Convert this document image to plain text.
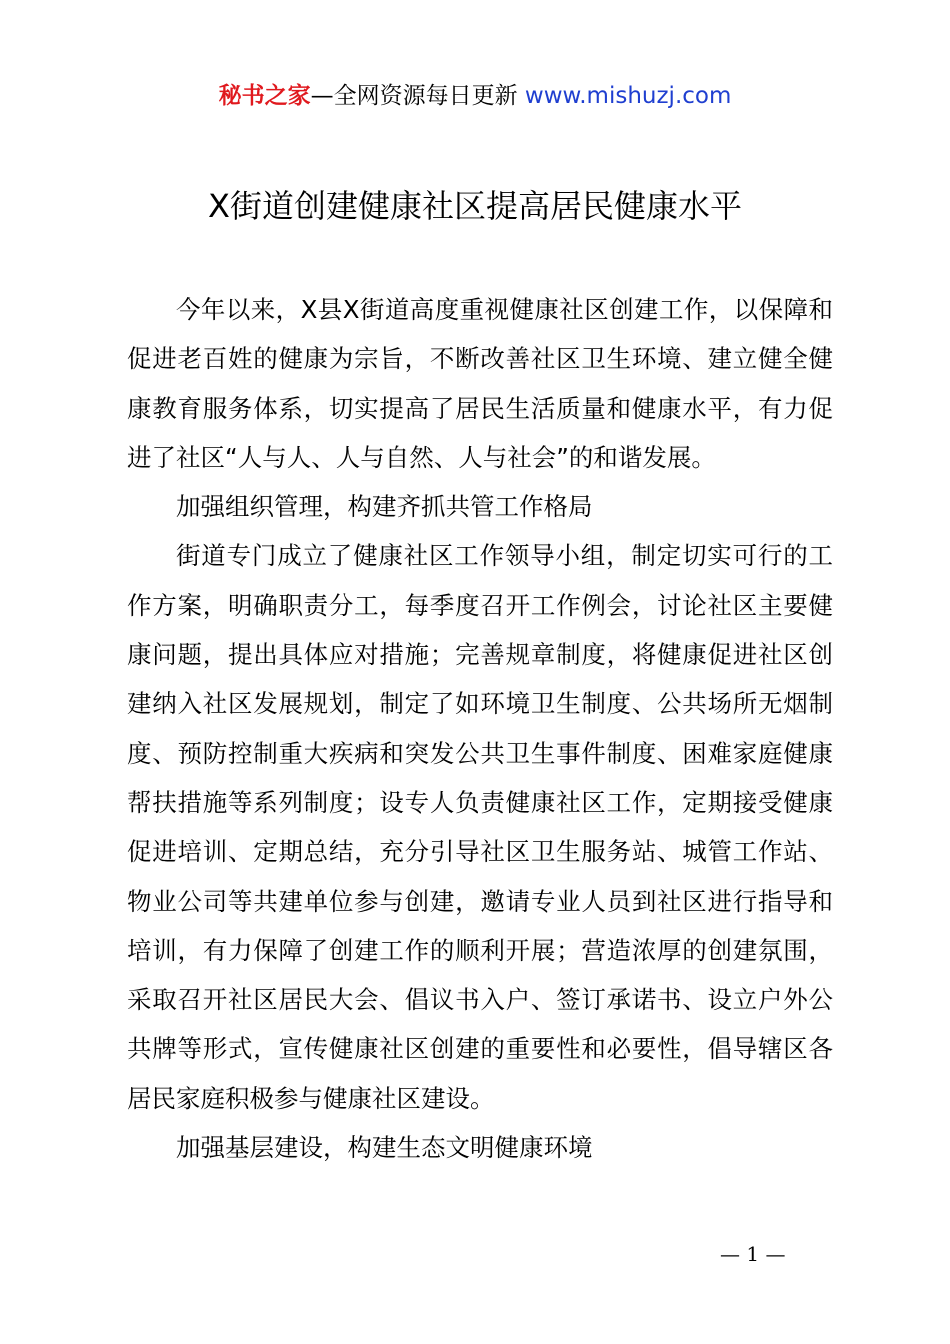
秘书之家—全网资源每日更新 www.mishuzj.com
X街道创建健康社区提高居民健康水平

今年以来，X县X街道高度重视健康社区创建工作，以保障和促进老百姓的健康为宗旨，不断改善社区卫生环境、建立健全健康教育服务体系，切实提高了居民生活质量和健康水平，有力促进了社区“人与人、人与自然、人与社会”的和谐发展。

加强组织管理，构建齐抓共管工作格局

街道专门成立了健康社区工作领导小组，制定切实可行的工作方案，明确职责分工，每季度召开工作例会，讨论社区主要健康问题，提出具体应对措施；完善规章制度，将健康促进社区创建纳入社区发展规划，制定了如环境卫生制度、公共场所无烟制度、预防控制重大疾病和突发公共卫生事件制度、困难家庭健康帮扶措施等系列制度；设专人负责健康社区工作，定期接受健康促进培训、定期总结，充分引导社区卫生服务站、城管工作站、物业公司等共建单位参与创建，邀请专业人员到社区进行指导和培训，有力保障了创建工作的顺利开展；营造浓厚的创建氛围，采取召开社区居民大会、倡议书入户、签订承诺书、设立户外公共牌等形式，宣传健康社区创建的重要性和必要性，倡导辖区各居民家庭积极参与健康社区建设。

加强基层建设，构建生态文明健康环境

— 1 —
